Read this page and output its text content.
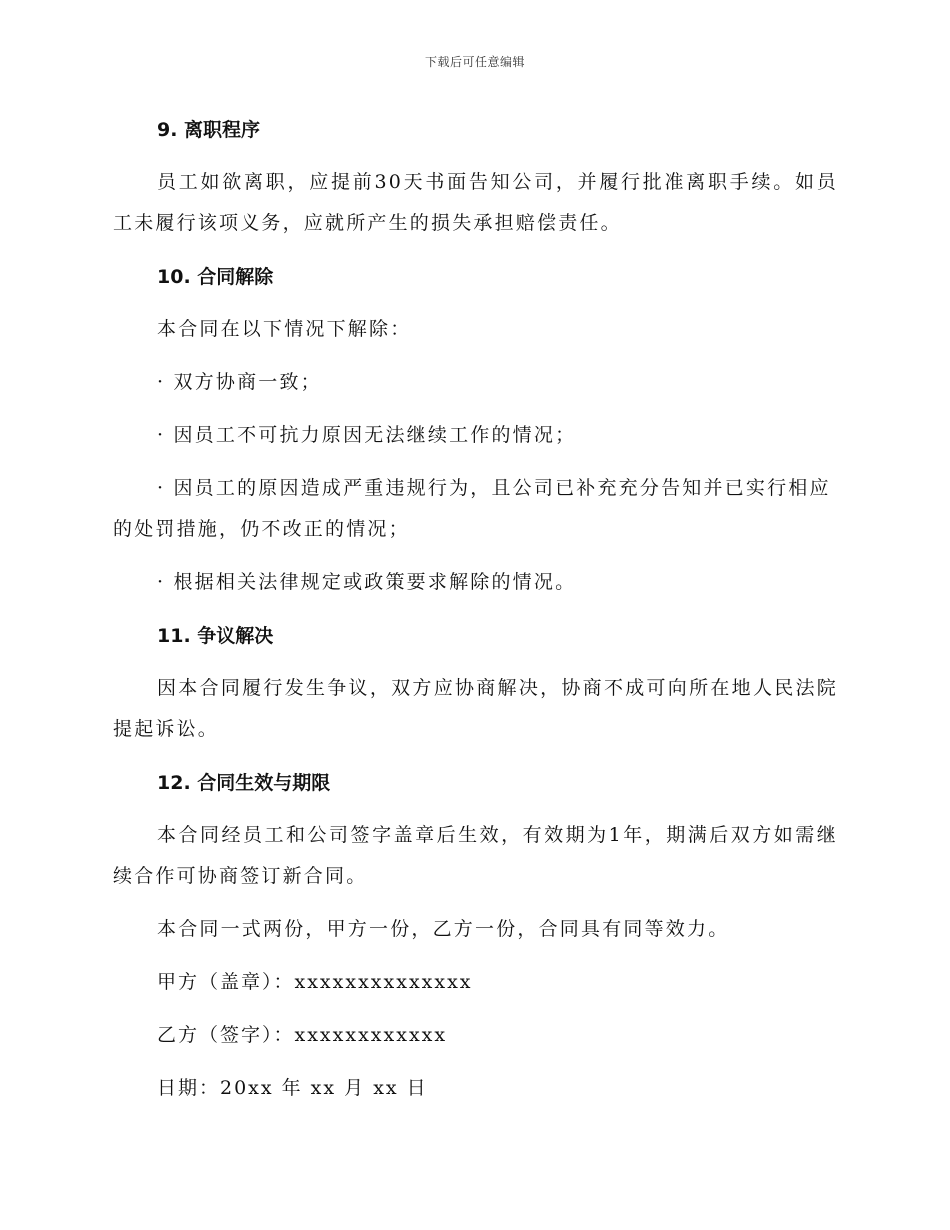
下载后可任意编辑
9. 离职程序

员工如欲离职，应提前30天书面告知公司，并履行批准离职手续。如员工未履行该项义务，应就所产生的损失承担赔偿责任。

10. 合同解除

本合同在以下情况下解除：

· 双方协商一致；

· 因员工不可抗力原因无法继续工作的情况；

· 因员工的原因造成严重违规行为，且公司已补充充分告知并已实行相应的处罚措施，仍不改正的情况；

· 根据相关法律规定或政策要求解除的情况。

11. 争议解决

因本合同履行发生争议，双方应协商解决，协商不成可向所在地人民法院提起诉讼。

12. 合同生效与期限

本合同经员工和公司签字盖章后生效，有效期为1年，期满后双方如需继续合作可协商签订新合同。

本合同一式两份，甲方一份，乙方一份，合同具有同等效力。

甲方（盖章）：xxxxxxxxxxxxxx

乙方（签字）：xxxxxxxxxxxx

日期：20xx 年 xx 月 xx 日
